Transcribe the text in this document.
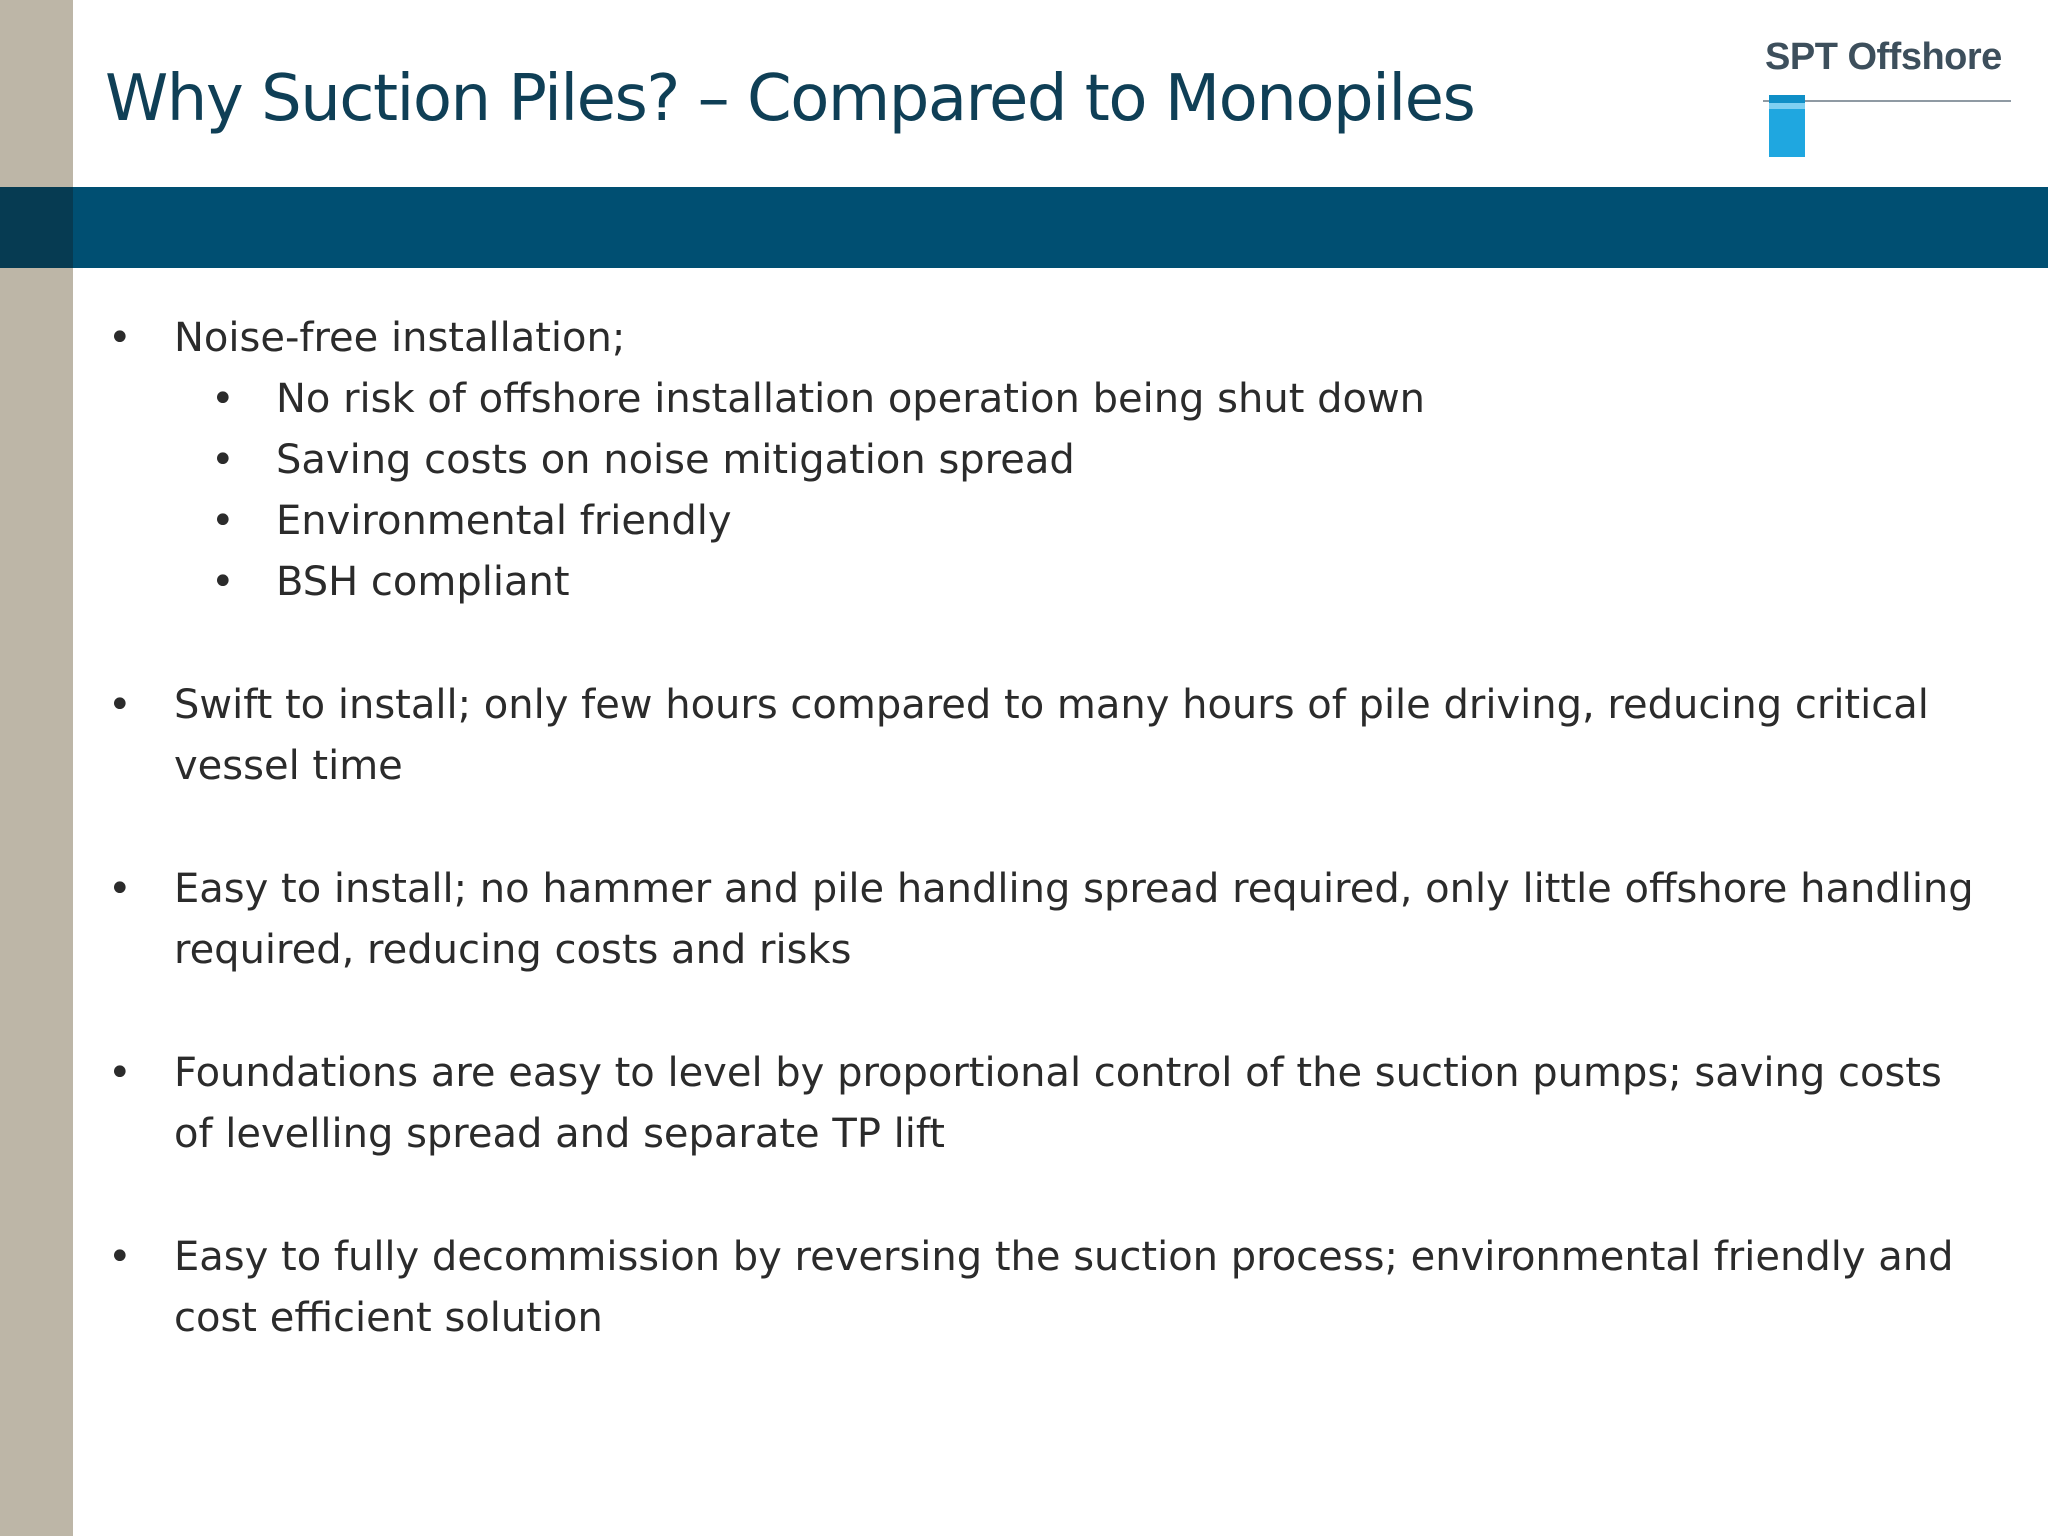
Why Suction Piles? – Compared to Monopiles
SPT Offshore
• Noise-free installation;
•	No risk of offshore installation operation being shut down
•	Saving costs on noise mitigation spread
•	Environmental friendly
•	BSH compliant
• Swift to install; only few hours compared to many hours of pile driving, reducing critical vessel time
• Easy to install; no hammer and pile handling spread required, only little offshore handling required, reducing costs and risks
• Foundations are easy to level by proportional control of the suction pumps; saving costs of levelling spread and separate TP lift
• Easy to fully decommission by reversing the suction process; environmental friendly and cost efficient solution
